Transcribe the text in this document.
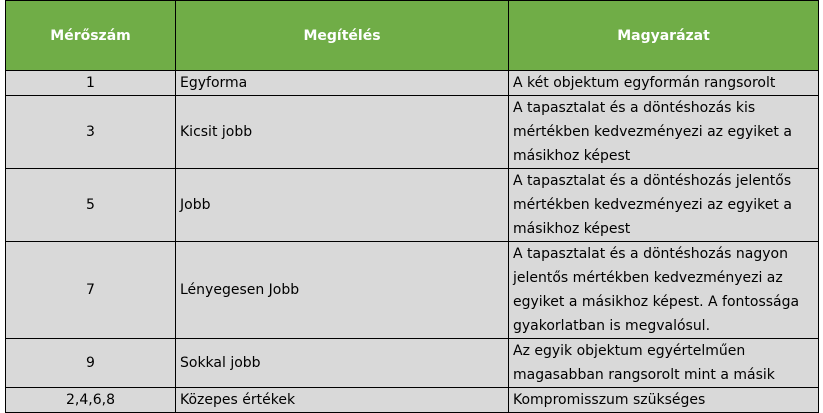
Mérőszám	Megítélés	Magyarázat
1	Egyforma	A két objektum egyformán rangsorolt
3	Kicsit jobb	A tapasztalat és a döntéshozás kis mértékben kedvezményezi az egyiket a másikhoz képest
5	Jobb	A tapasztalat és a döntéshozás jelentős mértékben kedvezményezi az egyiket a másikhoz képest
7	Lényegesen Jobb	A tapasztalat és a döntéshozás nagyon jelentős mértékben kedvezményezi az egyiket a másikhoz képest. A fontossága gyakorlatban is megvalósul.
9	Sokkal jobb	Az egyik objektum egyértelműen magasabban rangsorolt mint a másik
2,4,6,8	Közepes értékek	Kompromisszum szükséges
